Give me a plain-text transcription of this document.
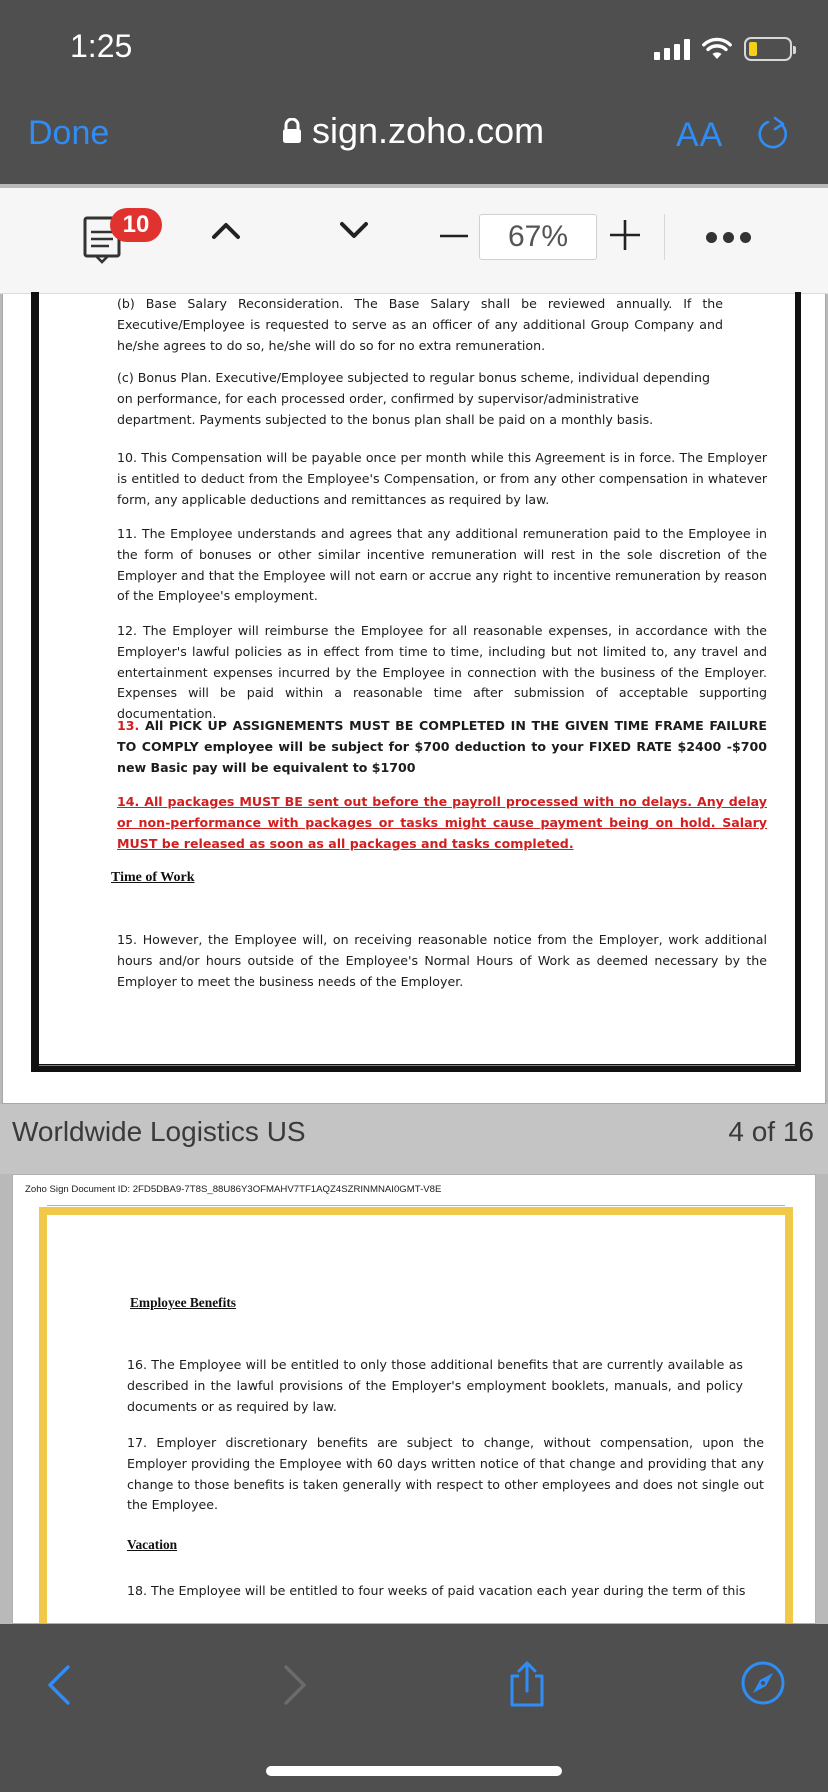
1:25
Done	sign.zoho.com	AA
10	67%
(b) Base Salary Reconsideration. The Base Salary shall be reviewed annually. If the Executive/Employee is requested to serve as an officer of any additional Group Company and he/she agrees to do so, he/she will do so for no extra remuneration.
(c) Bonus Plan. Executive/Employee subjected to regular bonus scheme, individual depending on performance, for each processed order, confirmed by supervisor/administrative department. Payments subjected to the bonus plan shall be paid on a monthly basis.
10. This Compensation will be payable once per month while this Agreement is in force. The Employer is entitled to deduct from the Employee's Compensation, or from any other compensation in whatever form, any applicable deductions and remittances as required by law.
11. The Employee understands and agrees that any additional remuneration paid to the Employee in the form of bonuses or other similar incentive remuneration will rest in the sole discretion of the Employer and that the Employee will not earn or accrue any right to incentive remuneration by reason of the Employee's employment.
12. The Employer will reimburse the Employee for all reasonable expenses, in accordance with the Employer's lawful policies as in effect from time to time, including but not limited to, any travel and entertainment expenses incurred by the Employee in connection with the business of the Employer. Expenses will be paid within a reasonable time after submission of acceptable supporting documentation.
13. All PICK UP ASSIGNEMENTS MUST BE COMPLETED IN THE GIVEN TIME FRAME FAILURE TO COMPLY employee will be subject for $700 deduction to your FIXED RATE $2400 -$700 new Basic pay will be equivalent to $1700
14. All packages MUST BE sent out before the payroll processed with no delays. Any delay or non-performance with packages or tasks might cause payment being on hold. Salary MUST be released as soon as all packages and tasks completed.
Time of Work
15. However, the Employee will, on receiving reasonable notice from the Employer, work additional hours and/or hours outside of the Employee's Normal Hours of Work as deemed necessary by the Employer to meet the business needs of the Employer.
Worldwide Logistics US	4 of 16
Zoho Sign Document ID: 2FD5DBA9-7T8S_88U86Y3OFMAHV7TF1AQZ4SZRINMNAI0GMT-V8E
Employee Benefits
16. The Employee will be entitled to only those additional benefits that are currently available as described in the lawful provisions of the Employer's employment booklets, manuals, and policy documents or as required by law.
17. Employer discretionary benefits are subject to change, without compensation, upon the Employer providing the Employee with 60 days written notice of that change and providing that any change to those benefits is taken generally with respect to other employees and does not single out the Employee.
Vacation
18. The Employee will be entitled to four weeks of paid vacation each year during the term of this
